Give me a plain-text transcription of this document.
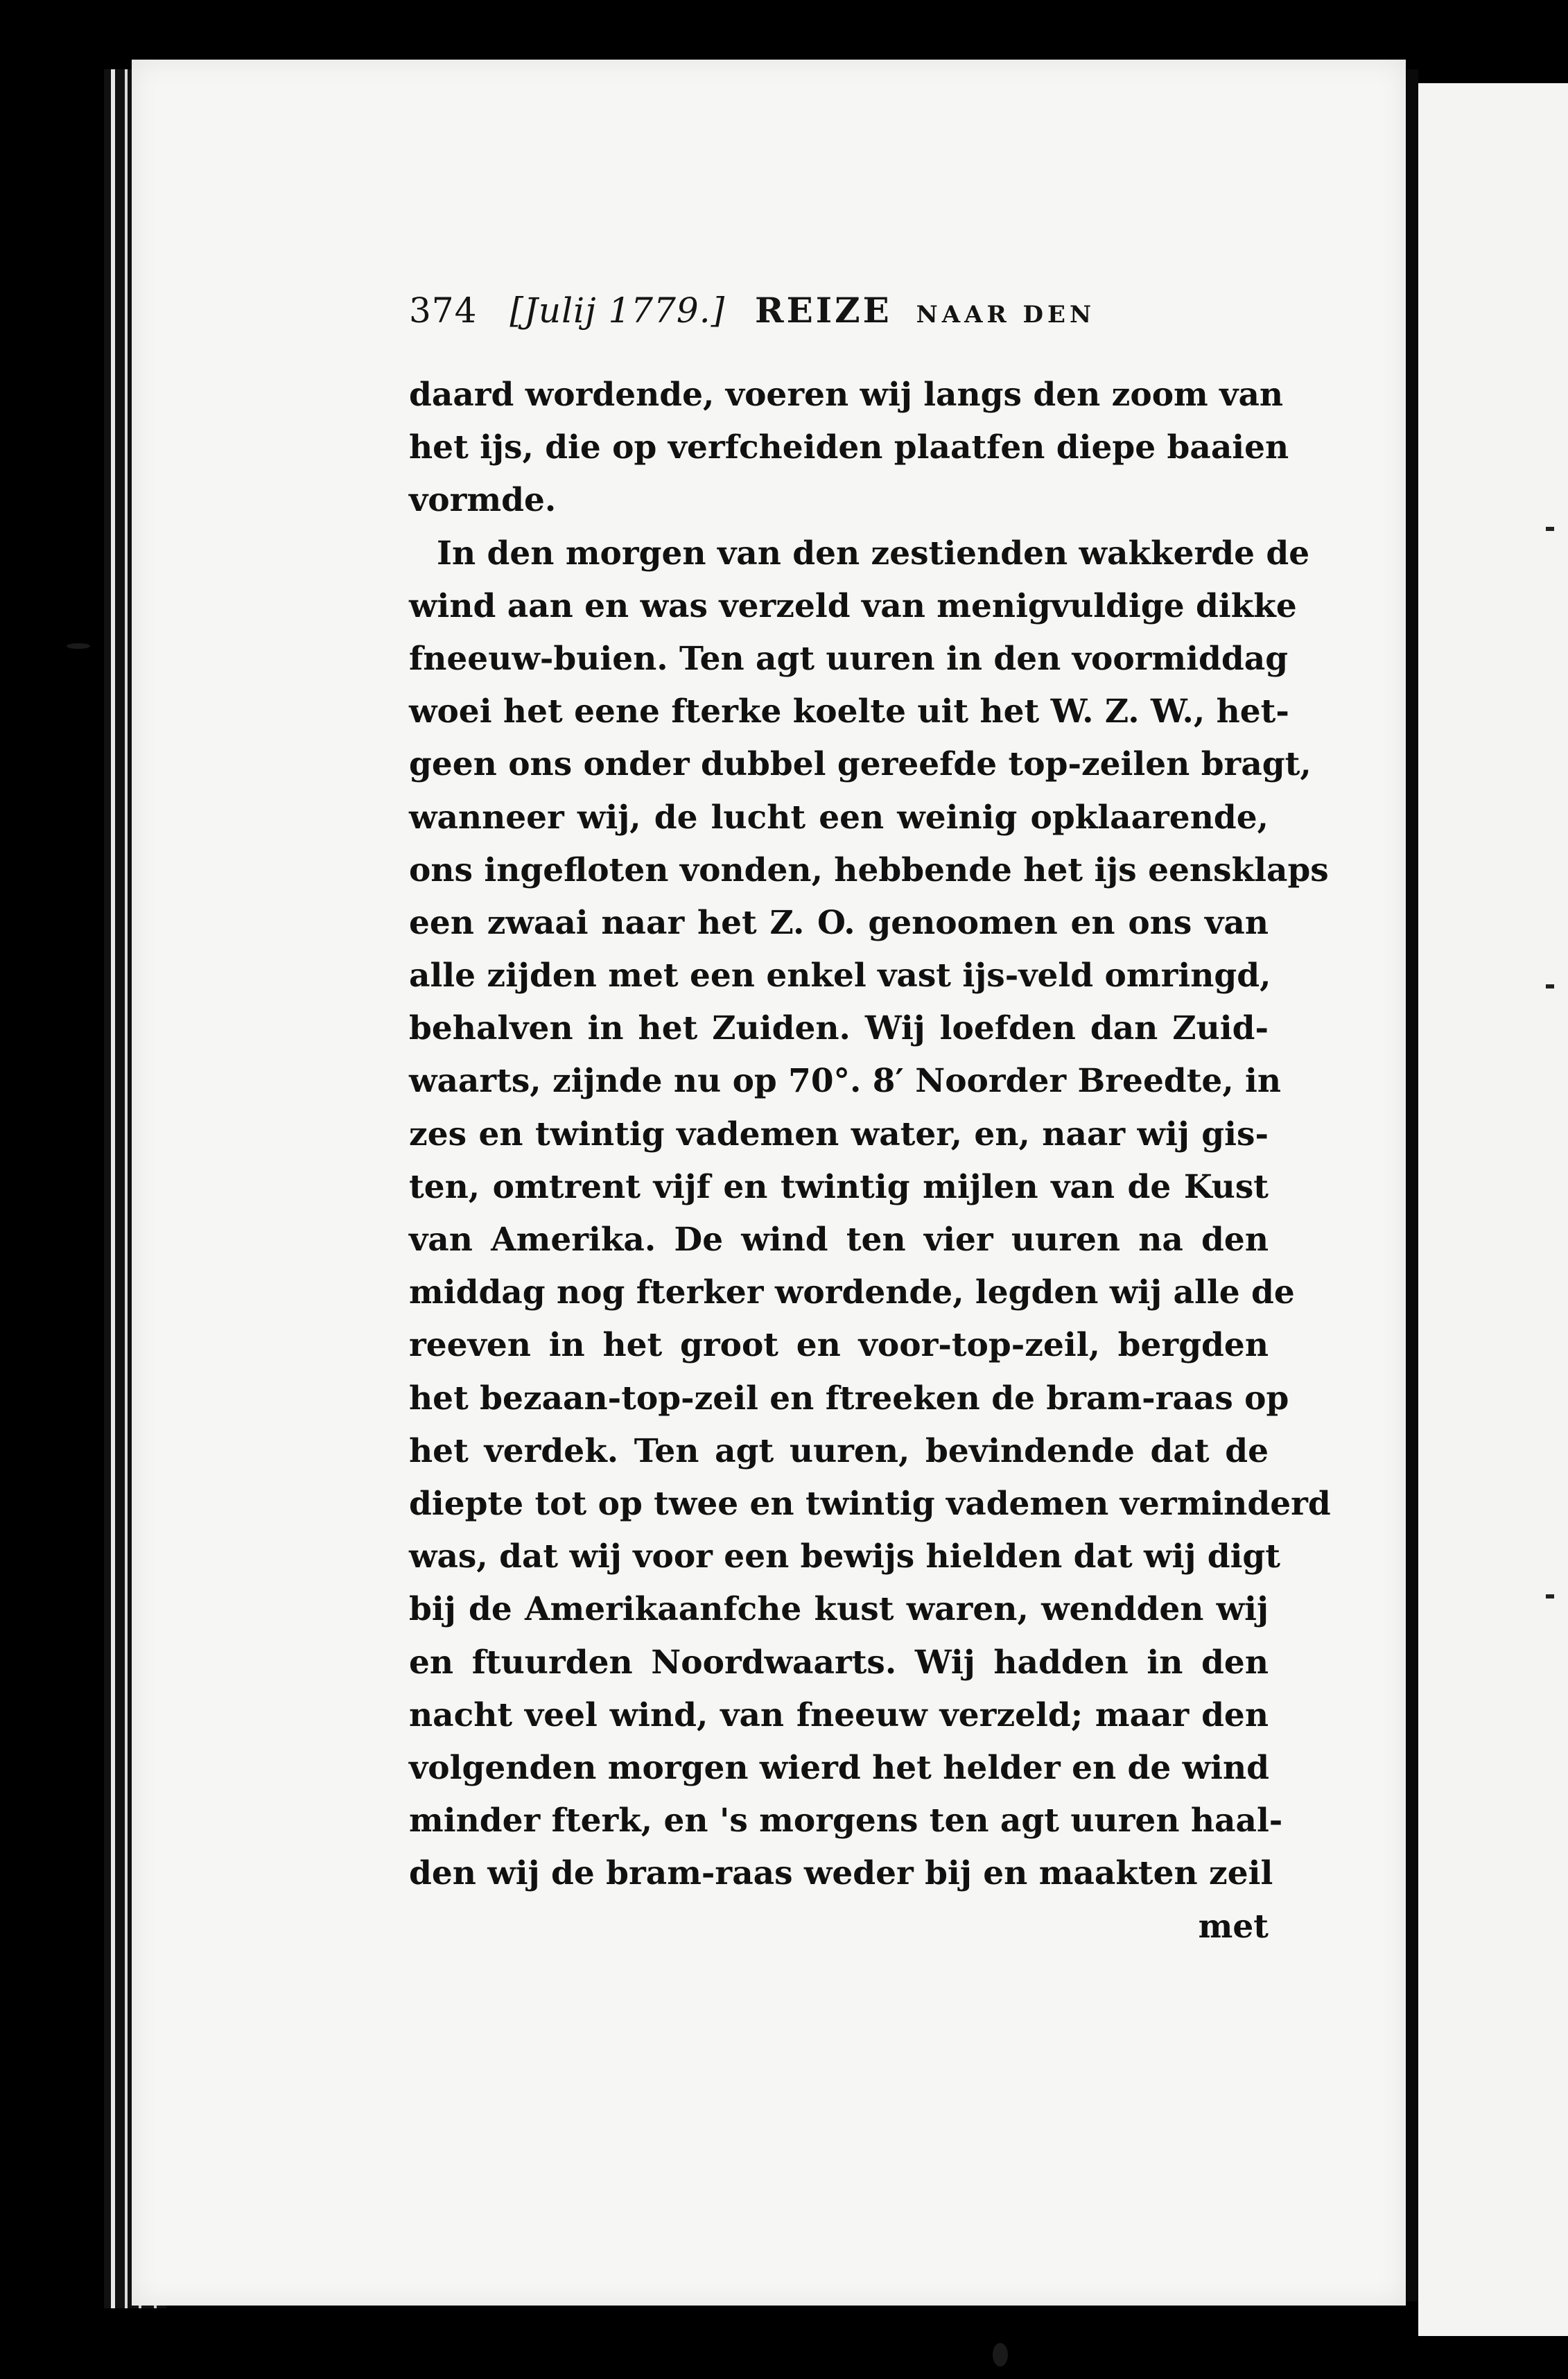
374 [Julij 1779.] REIZE NAAR DEN
daard wordende, voeren wij langs den zoom van
het ijs, die op verfcheiden plaatfen diepe baaien
vormde.
In den morgen van den zestienden wakkerde de
wind aan en was verzeld van menigvuldige dikke
fneeuw-buien. Ten agt uuren in den voormiddag
woei het eene fterke koelte uit het W. Z. W., het-
geen ons onder dubbel gereefde top-zeilen bragt,
wanneer wij, de lucht een weinig opklaarende,
ons ingefloten vonden, hebbende het ijs eensklaps
een zwaai naar het Z. O. genoomen en ons van
alle zijden met een enkel vast ijs-veld omringd,
behalven in het Zuiden. Wij loefden dan Zuid-
waarts, zijnde nu op 70°. 8′ Noorder Breedte, in
zes en twintig vademen water, en, naar wij gis-
ten, omtrent vijf en twintig mijlen van de Kust
van Amerika. De wind ten vier uuren na den
middag nog fterker wordende, legden wij alle de
reeven in het groot en voor-top-zeil, bergden
het bezaan-top-zeil en ftreeken de bram-raas op
het verdek. Ten agt uuren, bevindende dat de
diepte tot op twee en twintig vademen verminderd
was, dat wij voor een bewijs hielden dat wij digt
bij de Amerikaanfche kust waren, wendden wij
en ftuurden Noordwaarts. Wij hadden in den
nacht veel wind, van fneeuw verzeld; maar den
volgenden morgen wierd het helder en de wind
minder fterk, en 's morgens ten agt uuren haal-
den wij de bram-raas weder bij en maakten zeil
met
